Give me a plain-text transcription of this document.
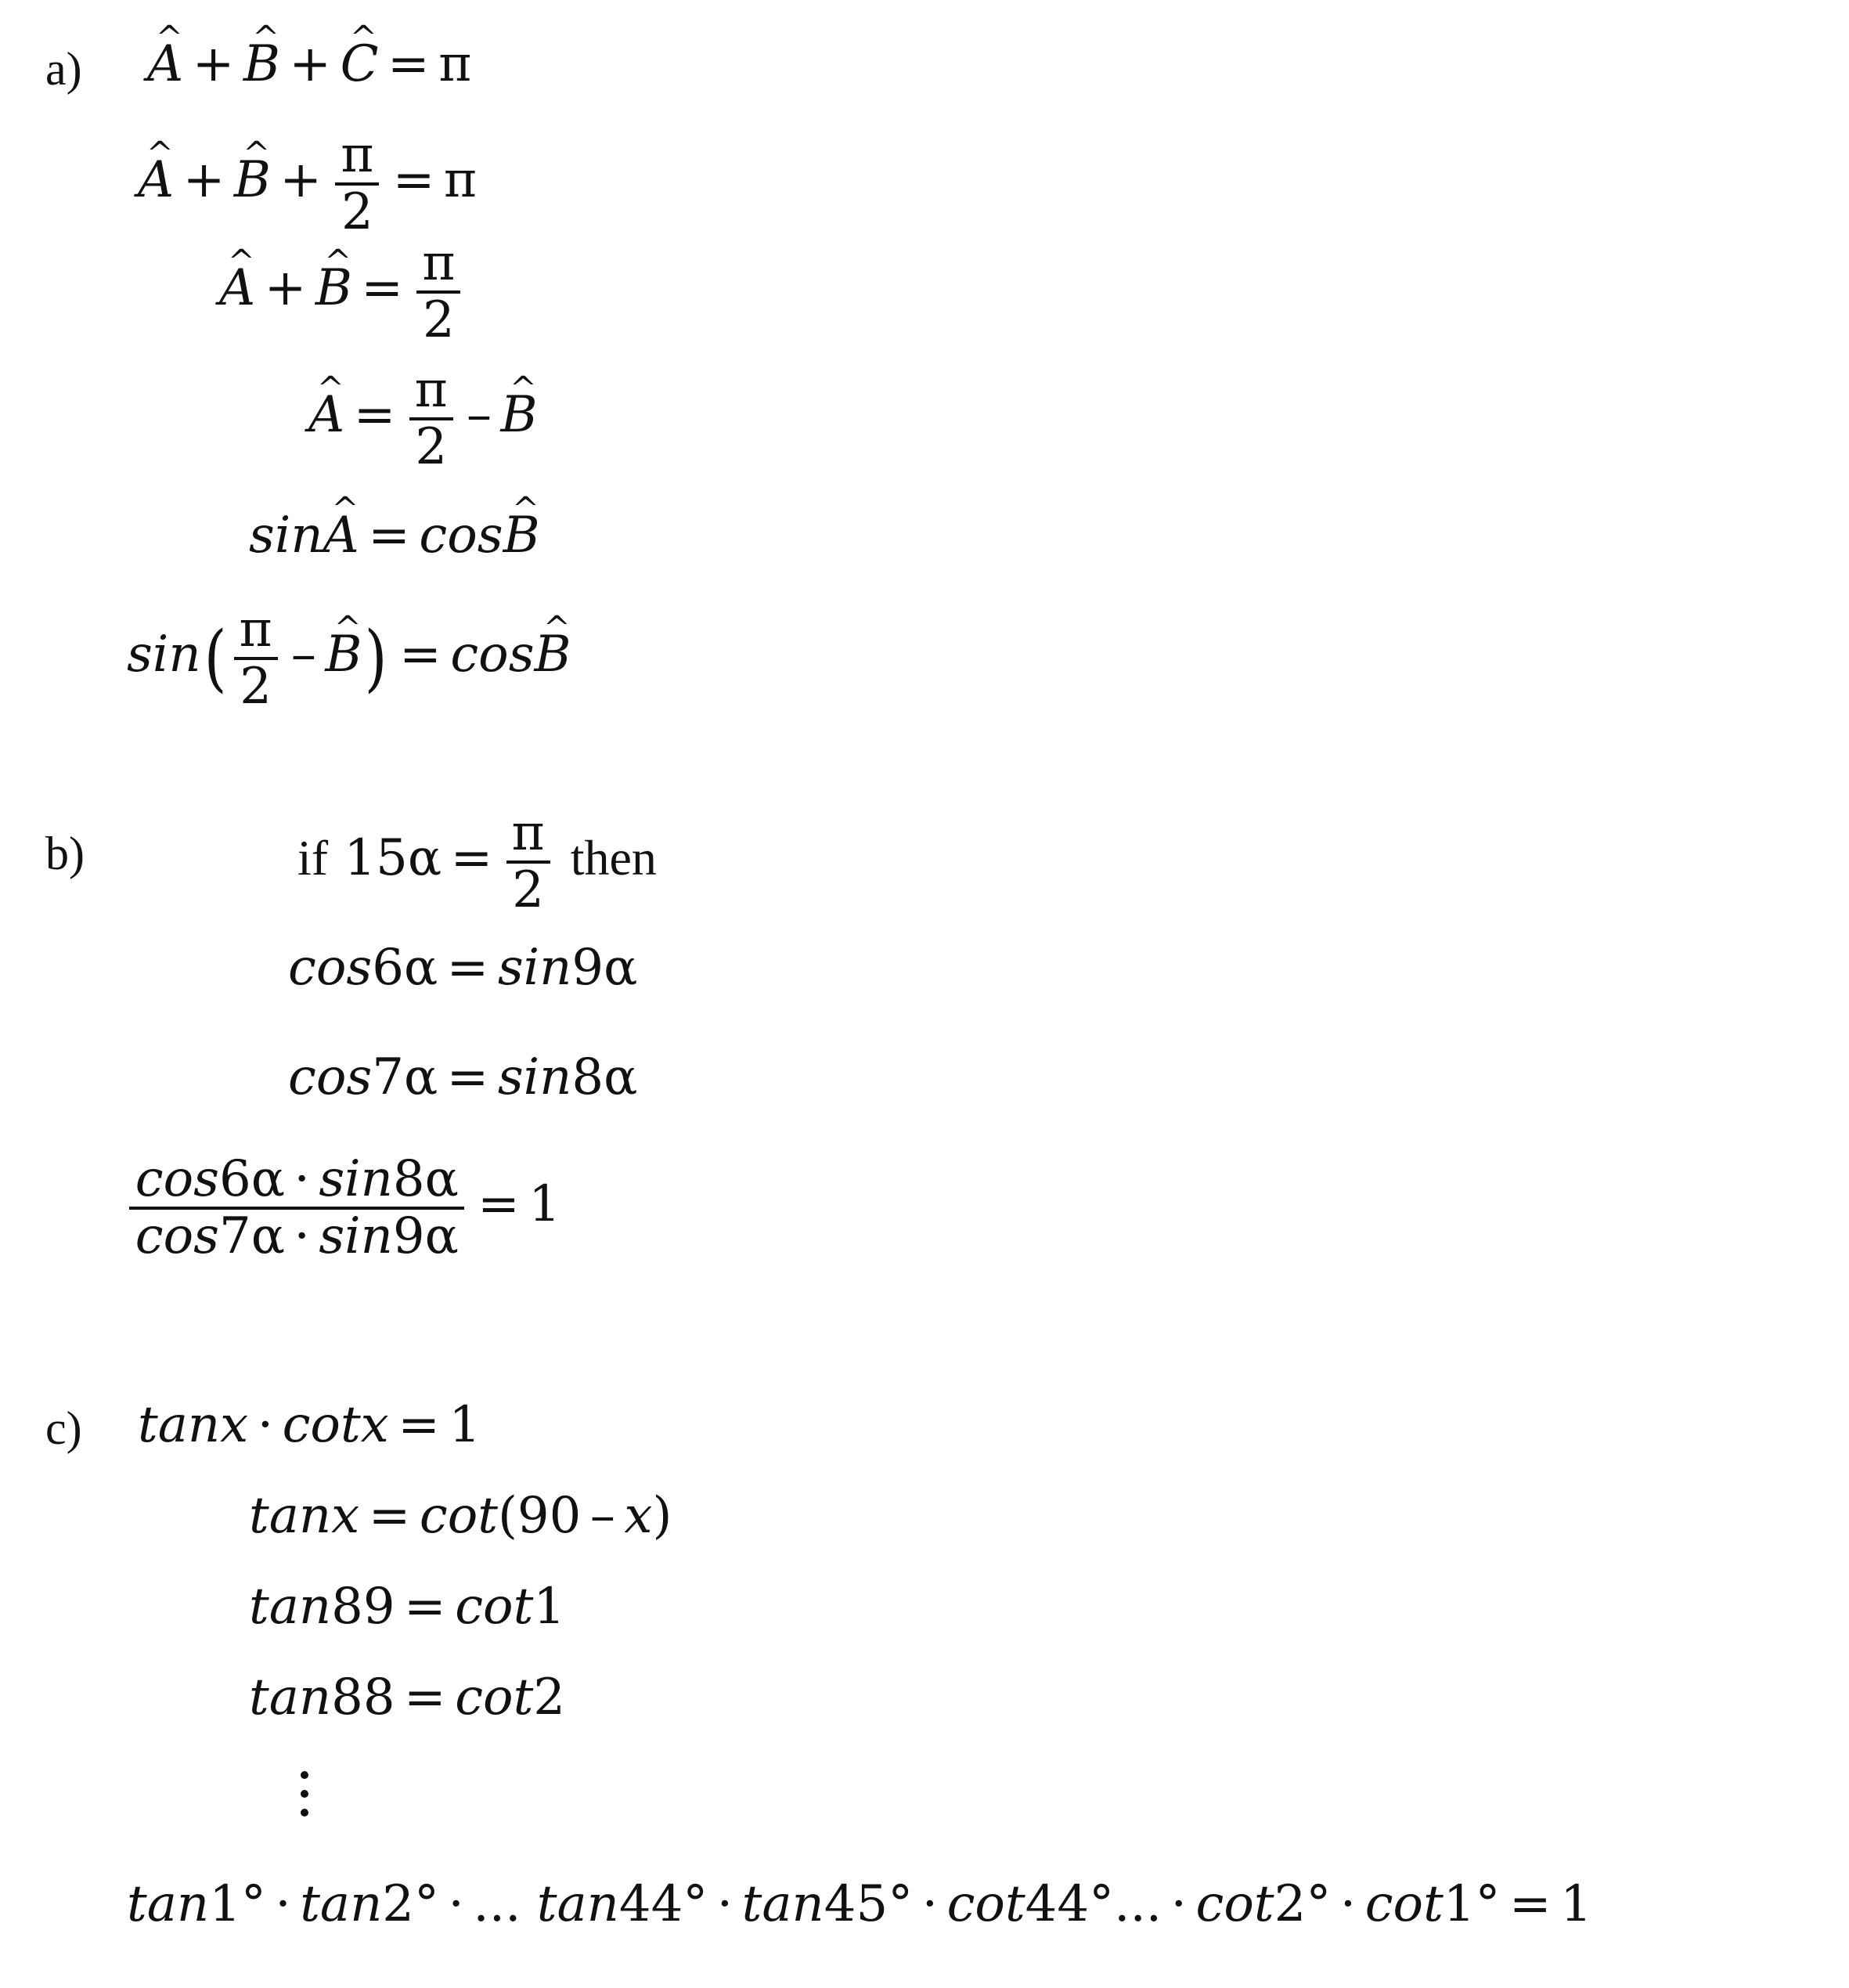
a) ^ A + ^ B + ^ C = π
^ A + ^ $B + \frac{\pi}{2} = \pi$
^ A + ^ $B = \frac{\pi}{2}$
^ $A = \frac{\pi}{2}$ – ^ B
sin^ A = cos^ B
$\sin( \frac{\pi}{2}$ – ^ B) = cos^ B
b)	if $15\alpha = \frac{\pi}{2}$ then
cos6α = sin9α
cos7α = sin8α
$\frac{\cos 6\alpha \cdot \sin 8\alpha}{\cos 7\alpha \cdot \sin 9\alpha} = 1$
c) tanx · cotx = 1
tanx = cot(90 – x)
tan89 = cot1
tan88 = cot2
tan1° · tan2° · ... tan44° · tan45° · cot44°... · cot2° · cot1° = 1
